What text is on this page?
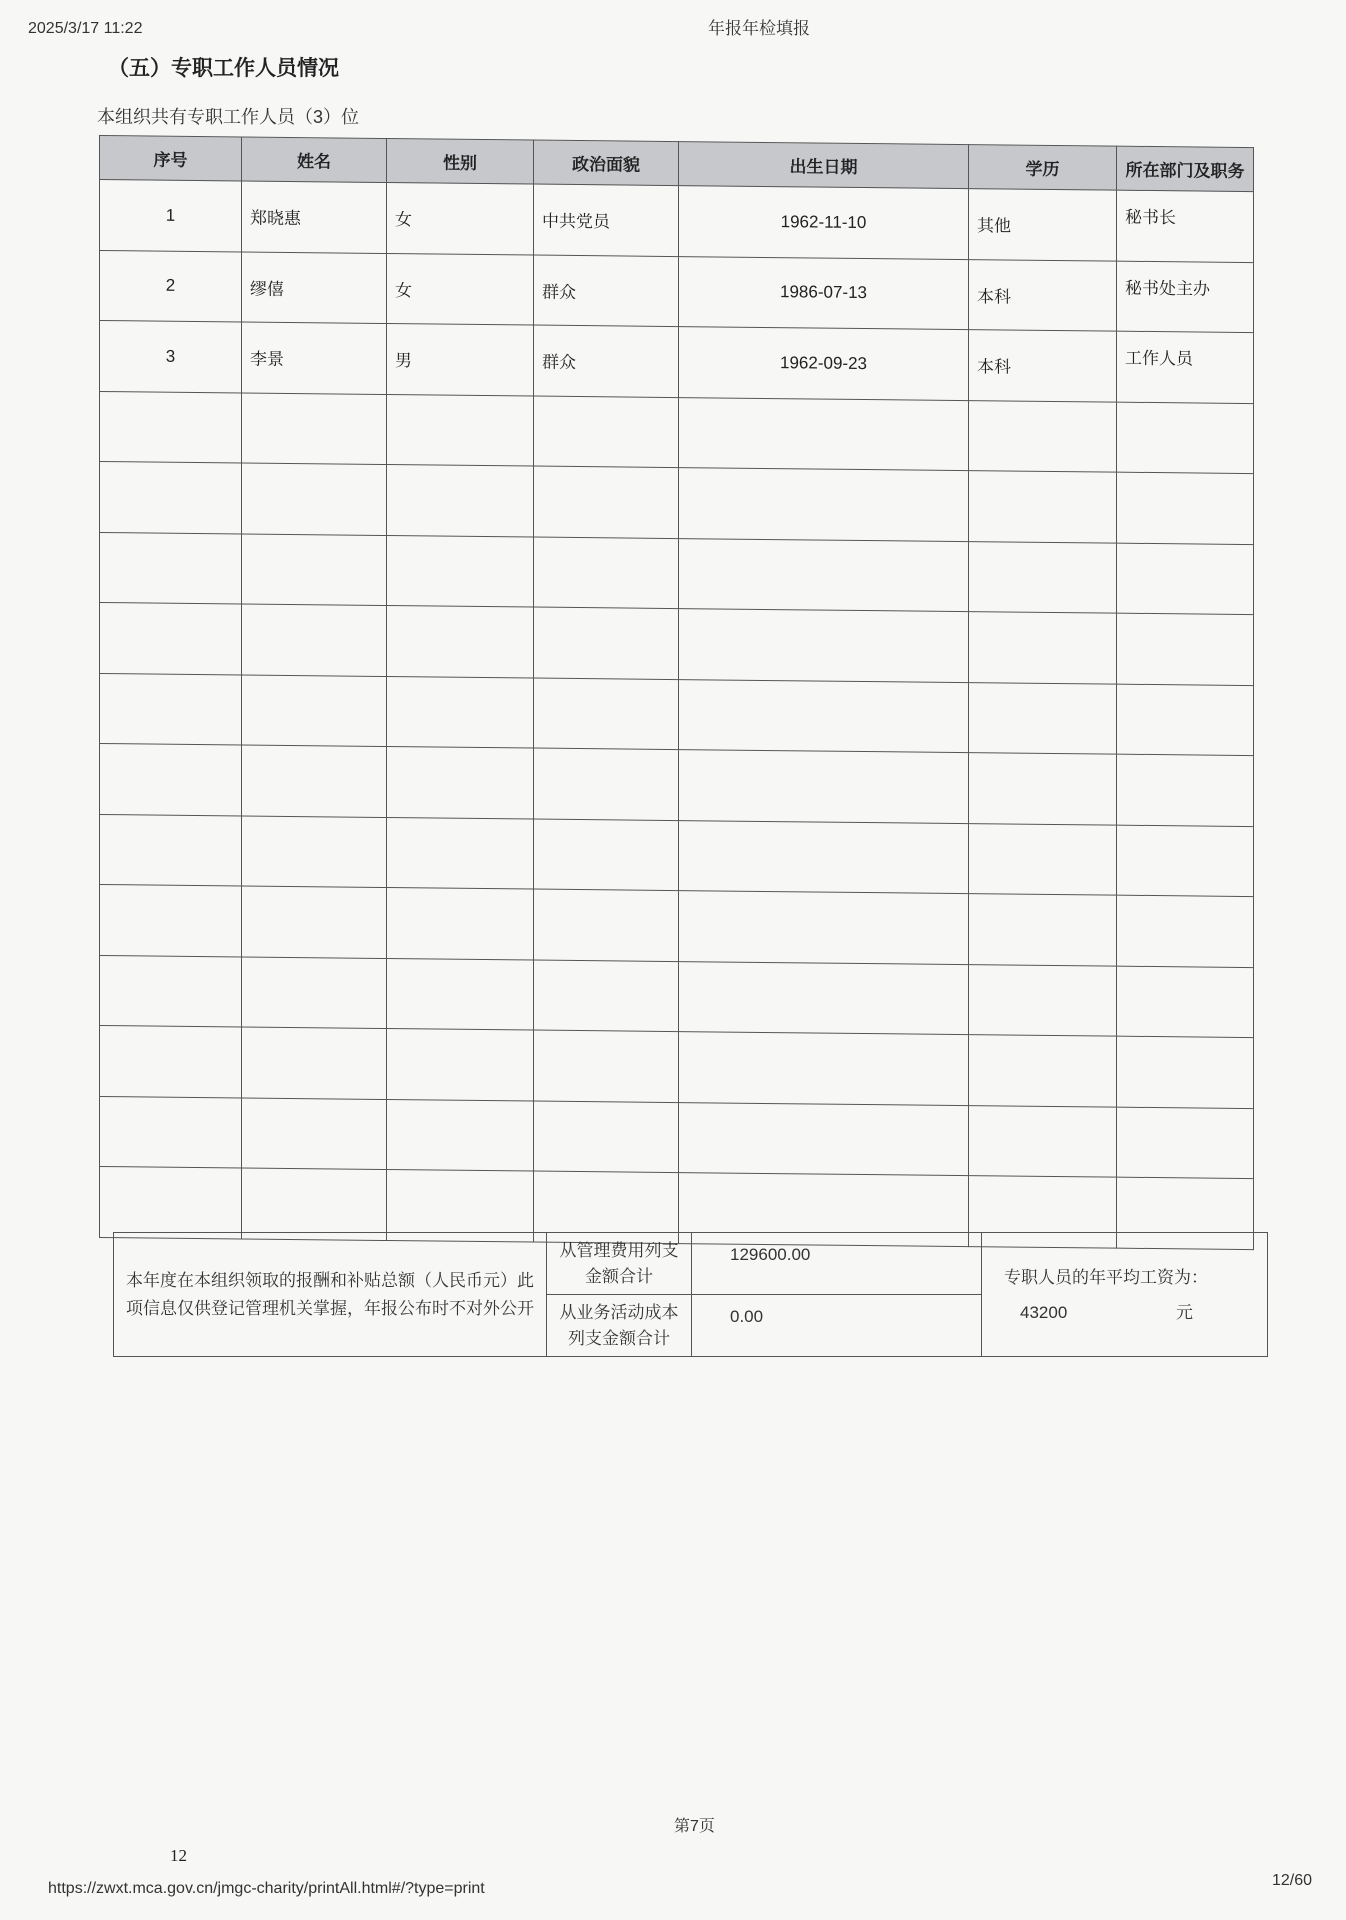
2025/3/17 11:22	年报年检填报
（五）专职工作人员情况
本组织共有专职工作人员（3）位
序号	姓名	性别	政治面貌	出生日期	学历	所在部门及职务
1	郑晓惠	女	中共党员	1962-11-10	其他	秘书长
2	缪僖	女	群众	1986-07-13	本科	秘书处主办
3	李景	男	群众	1962-09-23	本科	工作人员

本年度在本组织领取的报酬和补贴总额（人民币元）此项信息仅供登记管理机关掌握，年报公布时不对外公开	从管理费用列支金额合计	129600.00	专职人员的年平均工资为：
43200 元

	从业务活动成本列支金额合计	0.00	
第7页
12
https://zwxt.mca.gov.cn/jmgc-charity/printAll.html#/?type=print	12/60
